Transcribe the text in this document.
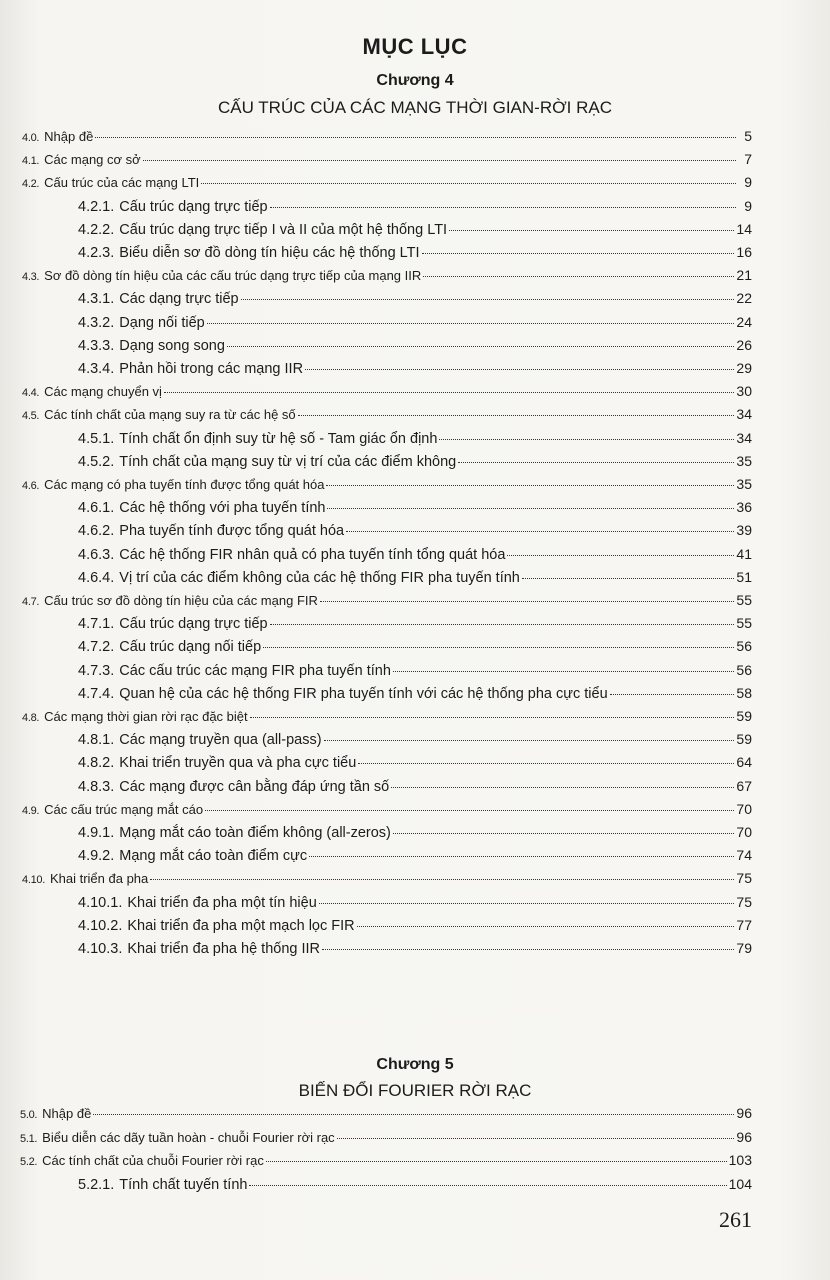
MỤC LỤC
Chương 4
CẤU TRÚC CỦA CÁC MẠNG THỜI GIAN-RỜI RẠC
Chương 5
BIẾN ĐỔI FOURIER RỜI RẠC
4.0. Nhập đề	5
4.1. Các mạng cơ sở	7
4.2. Cấu trúc của các mạng LTI	9
4.2.1. Cấu trúc dạng trực tiếp	9
4.2.2. Cấu trúc dạng trực tiếp I và II của một hệ thống LTI	14
4.2.3. Biểu diễn sơ đồ dòng tín hiệu các hệ thống LTI	16
4.3. Sơ đồ dòng tín hiệu của các cấu trúc dạng trực tiếp của mạng IIR	21
4.3.1. Các dạng trực tiếp	22
4.3.2. Dạng nối tiếp	24
4.3.3. Dạng song song	26
4.3.4. Phản hồi trong các mạng IIR	29
4.4. Các mạng chuyển vị	30
4.5. Các tính chất của mạng suy ra từ các hệ số	34
4.5.1. Tính chất ổn định suy từ hệ số - Tam giác ổn định	34
4.5.2. Tính chất của mạng suy từ vị trí của các điểm không	35
4.6. Các mạng có pha tuyến tính được tổng quát hóa	35
4.6.1. Các hệ thống với pha tuyến tính	36
4.6.2. Pha tuyến tính được tổng quát hóa	39
4.6.3. Các hệ thống FIR nhân quả có pha tuyến tính tổng quát hóa	41
4.6.4. Vị trí của các điểm không của các hệ thống FIR pha tuyến tính	51
4.7. Cấu trúc sơ đồ dòng tín hiệu của các mạng FIR	55
4.7.1. Cấu trúc dạng trực tiếp	55
4.7.2. Cấu trúc dạng nối tiếp	56
4.7.3. Các cấu trúc các mạng FIR pha tuyến tính	56
4.7.4. Quan hệ của các hệ thống FIR pha tuyến tính với các hệ thống pha cực tiểu	58
4.8. Các mạng thời gian rời rạc đặc biệt	59
4.8.1. Các mạng truyền qua (all-pass)	59
4.8.2. Khai triển truyền qua và pha cực tiểu	64
4.8.3. Các mạng được cân bằng đáp ứng tần số	67
4.9. Các cấu trúc mạng mắt cáo	70
4.9.1. Mạng mắt cáo toàn điểm không (all-zeros)	70
4.9.2. Mạng mắt cáo toàn điểm cực	74
4.10. Khai triển đa pha	75
4.10.1. Khai triển đa pha một tín hiệu	75
4.10.2. Khai triển đa pha một mạch lọc FIR	77
4.10.3. Khai triển đa pha hệ thống IIR	79
5.0. Nhập đề	96
5.1. Biểu diễn các dãy tuần hoàn - chuỗi Fourier rời rạc	96
5.2. Các tính chất của chuỗi Fourier rời rạc	103
5.2.1. Tính chất tuyến tính	104
261
